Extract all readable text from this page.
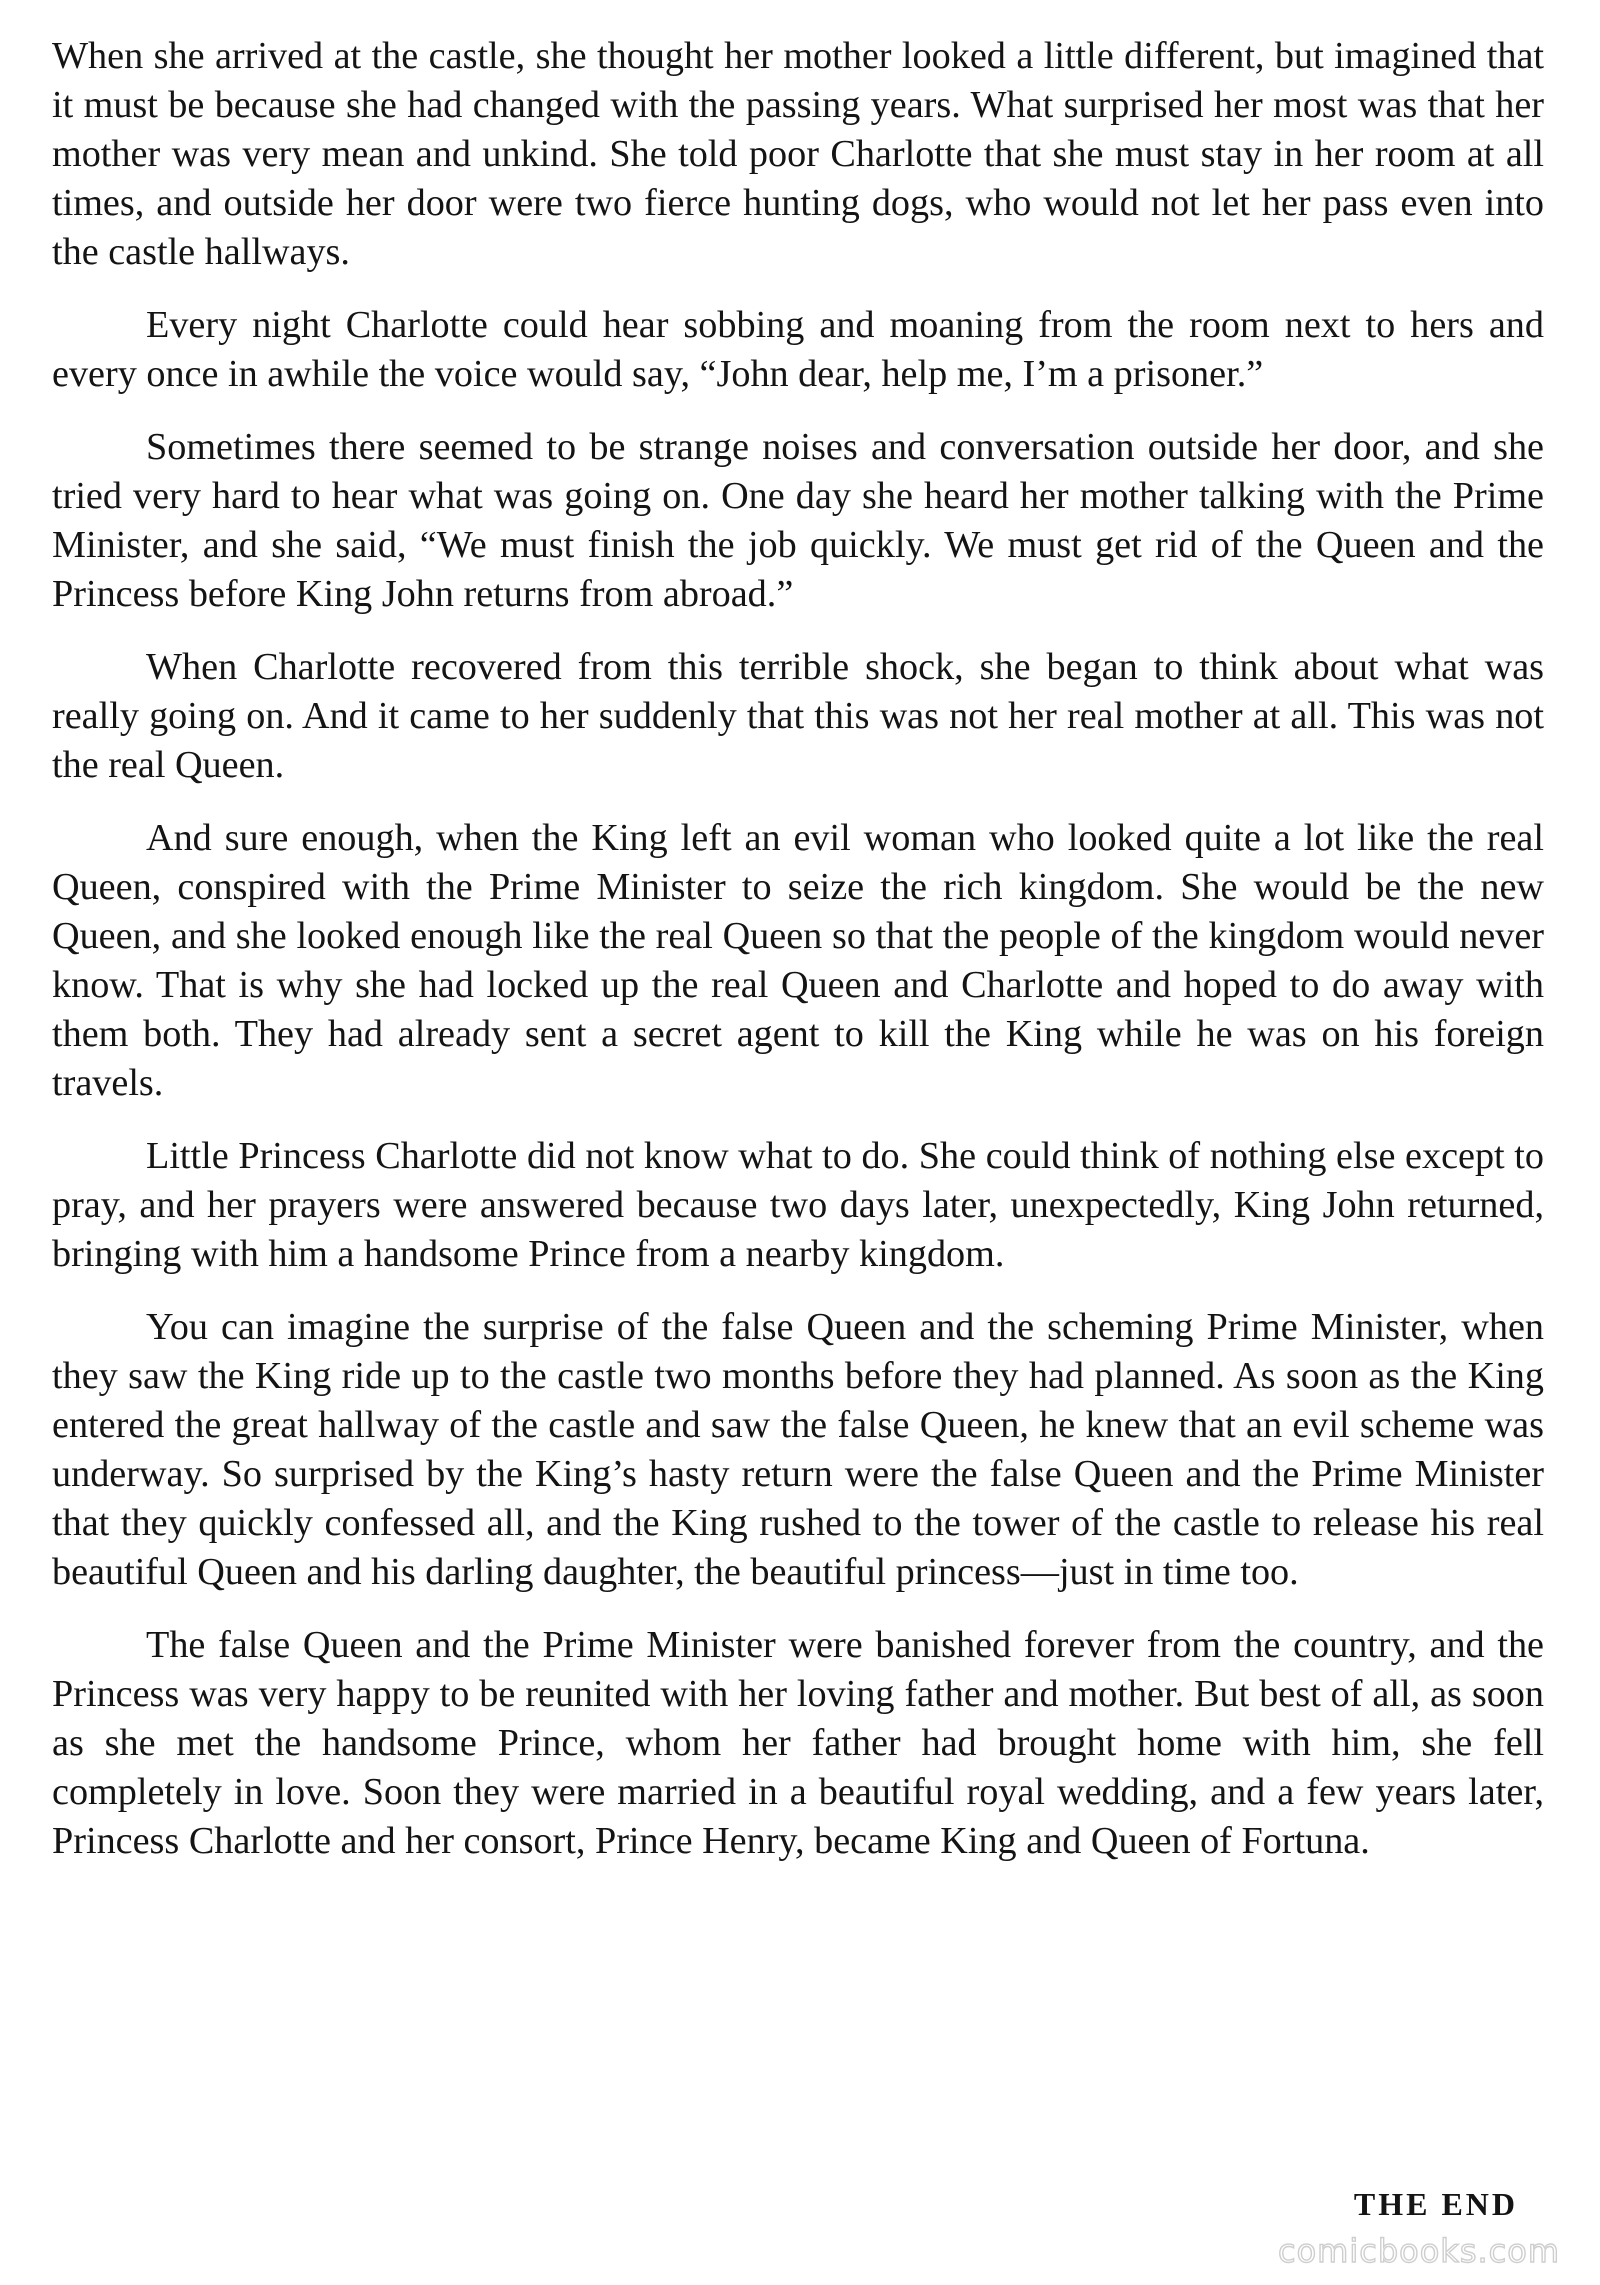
When she arrived at the castle, she thought her mother looked a little different, but imagined that it must be because she had changed with the passing years. What surprised her most was that her mother was very mean and unkind. She told poor Charlotte that she must stay in her room at all times, and outside her door were two fierce hunting dogs, who would not let her pass even into the castle hallways.

Every night Charlotte could hear sobbing and moaning from the room next to hers and every once in awhile the voice would say, “John dear, help me, I’m a prisoner.”

Sometimes there seemed to be strange noises and conversation outside her door, and she tried very hard to hear what was going on. One day she heard her mother talking with the Prime Minister, and she said, “We must finish the job quickly. We must get rid of the Queen and the Princess before King John returns from abroad.”

When Charlotte recovered from this terrible shock, she began to think about what was really going on. And it came to her suddenly that this was not her real mother at all. This was not the real Queen.

And sure enough, when the King left an evil woman who looked quite a lot like the real Queen, conspired with the Prime Minister to seize the rich kingdom. She would be the new Queen, and she looked enough like the real Queen so that the people of the kingdom would never know. That is why she had locked up the real Queen and Charlotte and hoped to do away with them both. They had already sent a secret agent to kill the King while he was on his foreign travels.

Little Princess Charlotte did not know what to do. She could think of nothing else except to pray, and her prayers were answered because two days later, unexpectedly, King John returned, bringing with him a handsome Prince from a nearby kingdom.

You can imagine the surprise of the false Queen and the scheming Prime Minister, when they saw the King ride up to the castle two months before they had planned. As soon as the King entered the great hallway of the castle and saw the false Queen, he knew that an evil scheme was underway. So surprised by the King’s hasty return were the false Queen and the Prime Minister that they quickly confessed all, and the King rushed to the tower of the castle to release his real beautiful Queen and his darling daughter, the beautiful princess—just in time too.

The false Queen and the Prime Minister were banished forever from the country, and the Princess was very happy to be reunited with her loving father and mother. But best of all, as soon as she met the handsome Prince, whom her father had brought home with him, she fell completely in love. Soon they were married in a beautiful royal wedding, and a few years later, Princess Charlotte and her consort, Prince Henry, became King and Queen of Fortuna.

THE END
comicbooks.com
